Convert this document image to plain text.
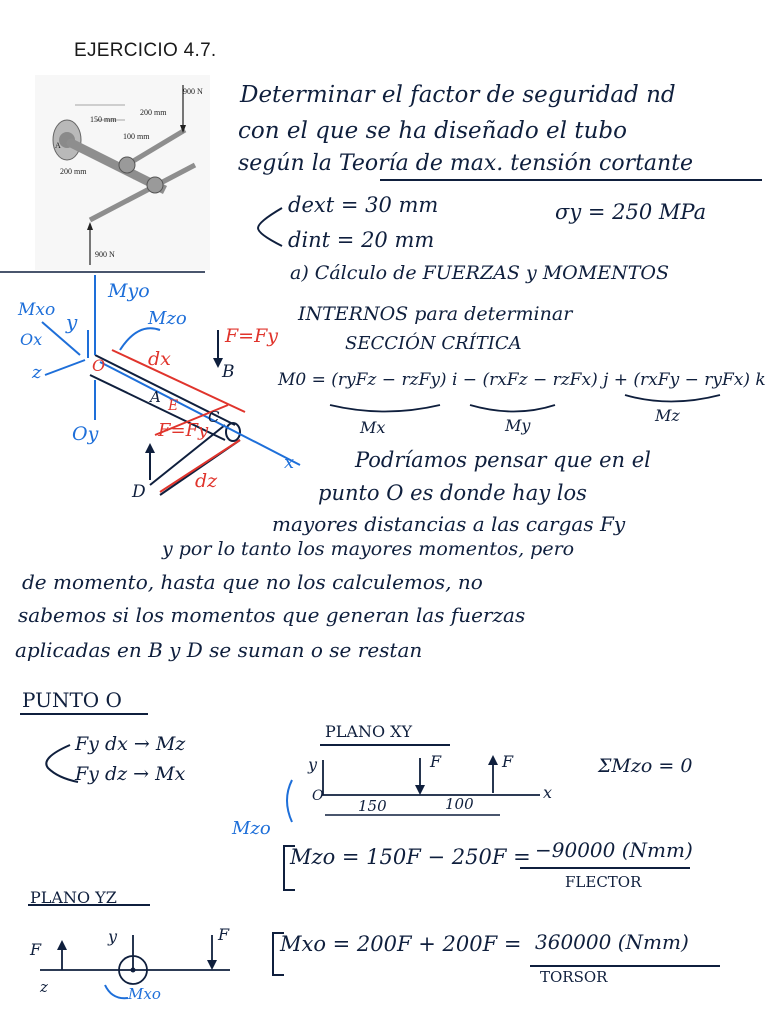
EJERCICIO 4.7.
900 N
200 mm
150 mm
100 mm
A
200 mm
900 N
Determinar el factor de seguridad nd
con el que se ha diseñado el tubo
según la Teoría de max. tensión cortante
dext = 30 mm
dint = 20 mm
σy = 250 MPa
Mxo
Myo
Mzo
y
z
x
O
Ox
Oy
A
B
C
D
E
F=Fy
F=Fy
dx
dz
a) Cálculo de FUERZAS y MOMENTOS
INTERNOS para determinar
SECCIÓN CRÍTICA
M0 = (ryFz − rzFy) i − (rxFz − rzFx) j + (rxFy − ryFx) k
Mx	My
Mz
Podríamos pensar que en el
punto O es donde hay los
mayores distancias a las cargas Fy
y por lo tanto los mayores momentos, pero
de momento, hasta que no los calculemos, no
sabemos si los momentos que generan las fuerzas
aplicadas en B y D se suman o se restan
PUNTO O
Fy dx → Mz
Fy dz → Mx
PLANO XY
y	F	F
O	x
150	100
Mzo
ΣMzo = 0
Mzo = 150F − 250F = −90000 (Nmm)
FLECTOR
PLANO YZ
F
y	F
z	Mxo
Mxo = 200F + 200F = 360000 (Nmm)
TORSOR
